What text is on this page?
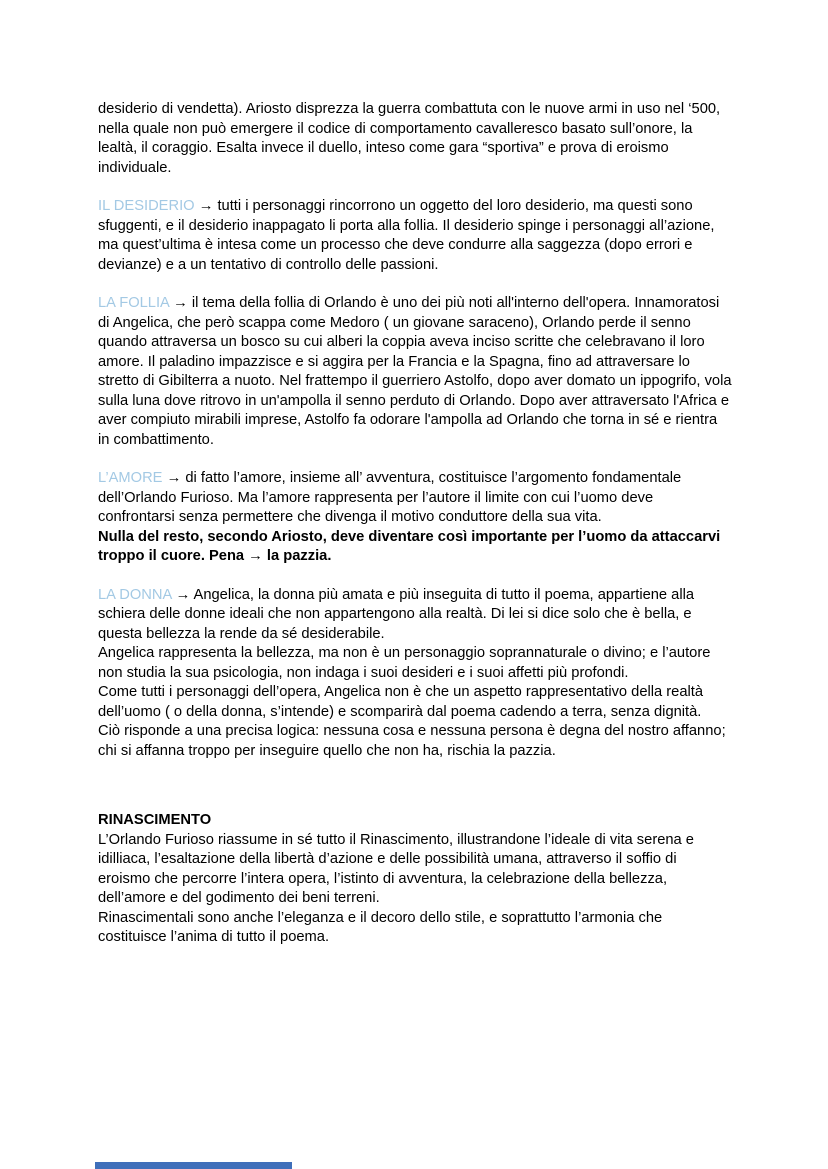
desiderio di vendetta). Ariosto disprezza la guerra combattuta con le nuove armi in uso nel ‘500, nella quale non può emergere il codice di comportamento cavalleresco basato sull’onore, la lealtà, il coraggio. Esalta invece il duello, inteso come gara “sportiva” e prova di eroismo individuale.

IL DESIDERIO → tutti i personaggi rincorrono un oggetto del loro desiderio, ma questi sono sfuggenti, e il desiderio inappagato li porta alla follia. Il desiderio spinge i personaggi all’azione, ma quest’ultima è intesa come un processo che deve condurre alla saggezza (dopo errori e devianze) e a un tentativo di controllo delle passioni.

LA FOLLIA → il tema della follia di Orlando è uno dei più noti all'interno dell'opera. Innamoratosi di Angelica, che però scappa come Medoro ( un giovane saraceno), Orlando perde il senno quando attraversa un bosco su cui alberi la coppia aveva inciso scritte che celebravano il loro amore. Il paladino impazzisce e si aggira per la Francia e la Spagna, fino ad attraversare lo stretto di Gibilterra a nuoto. Nel frattempo il guerriero Astolfo, dopo aver domato un ippogrifo, vola sulla luna dove ritrovo in un'ampolla il senno perduto di Orlando. Dopo aver attraversato l'Africa e aver compiuto mirabili imprese, Astolfo fa odorare l'ampolla ad Orlando che torna in sé e rientra in combattimento.

L’AMORE → di fatto l’amore, insieme all’ avventura, costituisce l’argomento fondamentale dell’Orlando Furioso. Ma l’amore rappresenta per l’autore il limite con cui l’uomo deve confrontarsi senza permettere che divenga il motivo conduttore della sua vita.
Nulla del resto, secondo Ariosto, deve diventare così importante per l’uomo da attaccarvi troppo il cuore. Pena → la pazzia.

LA DONNA → Angelica, la donna più amata e più inseguita di tutto il poema, appartiene alla schiera delle donne ideali che non appartengono alla realtà. Di lei si dice solo che è bella, e questa bellezza la rende da sé desiderabile.
Angelica rappresenta la bellezza, ma non è un personaggio soprannaturale o divino; e l’autore non studia la sua psicologia, non indaga i suoi desideri e i suoi affetti più profondi.
Come tutti i personaggi dell’opera, Angelica non è che un aspetto rappresentativo della realtà dell’uomo ( o della donna, s’intende) e scomparirà dal poema cadendo a terra, senza dignità.
Ciò risponde a una precisa logica: nessuna cosa e nessuna persona è degna del nostro affanno; chi si affanna troppo per inseguire quello che non ha, rischia la pazzia.

RINASCIMENTO
L’Orlando Furioso riassume in sé tutto il Rinascimento, illustrandone l’ideale di vita serena e idilliaca, l’esaltazione della libertà d’azione e delle possibilità umana, attraverso il soffio di eroismo che percorre l’intera opera, l’istinto di avventura, la celebrazione della bellezza, dell’amore e del godimento dei beni terreni.
Rinascimentali sono anche l’eleganza e il decoro dello stile, e soprattutto l’armonia che costituisce l’anima di tutto il poema.
